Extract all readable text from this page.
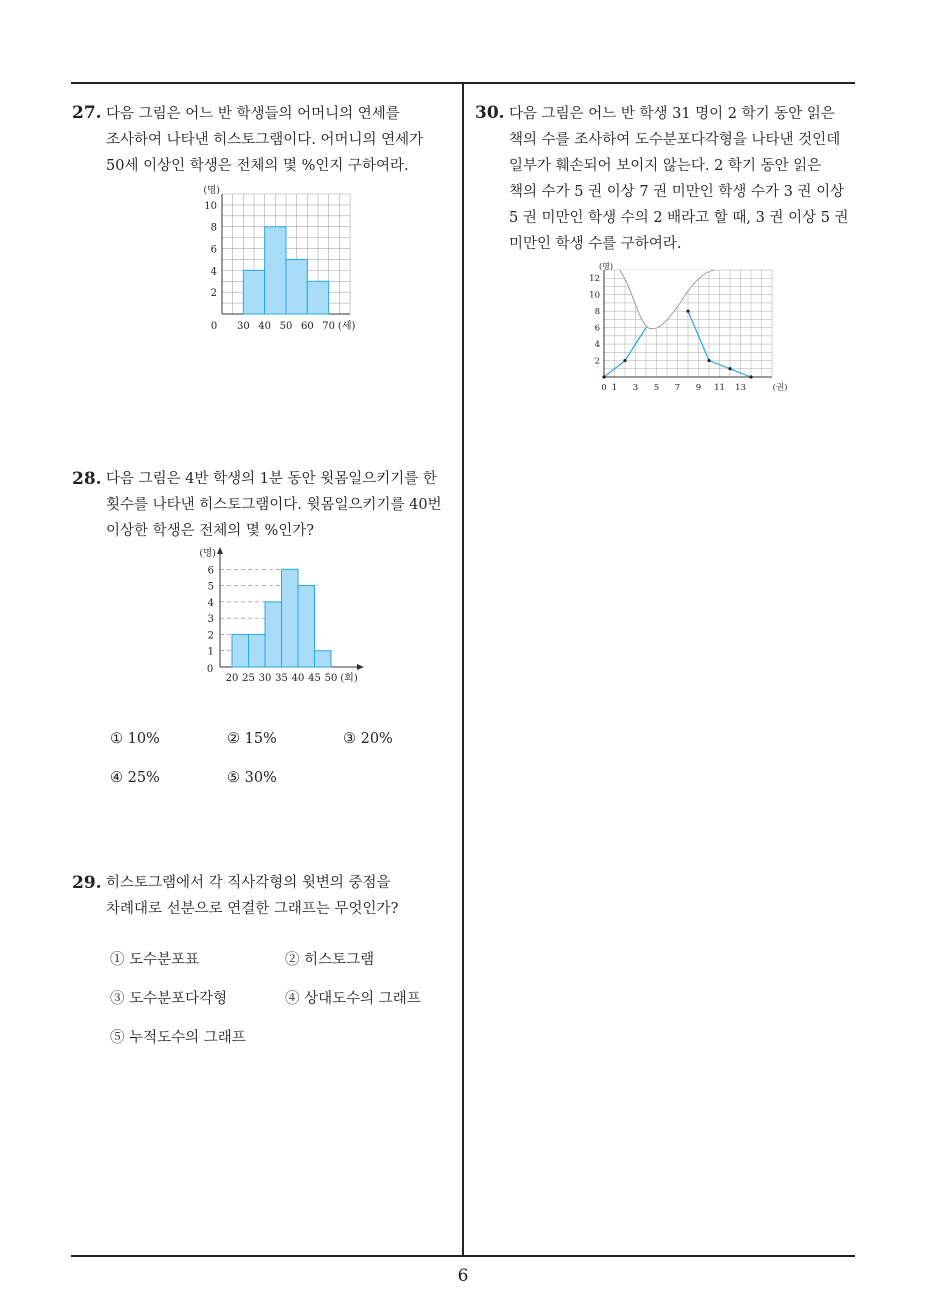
27. 다음 그림은 어느 반 학생들의 어머니의 연세를
조사하여 나타낸 히스토그램이다. 어머니의 연세가
50세 이상인 학생은 전체의 몇 %인지 구하여라.
2
4
6
8
10
30 40 50 60 70
0
(명)
(세)
28. 다음 그림은 4반 학생의 1분 동안 윗몸일으키기를 한
횟수를 나타낸 히스토그램이다. 윗몸일으키기를 40번
이상한 학생은 전체의 몇 %인가?
1
2
3
4
5
6
20 25 30 35 40 45 50
0
(명)
(회)
① 10%	② 15%	③ 20%
④ 25%	⑤ 30%
29. 히스토그램에서 각 직사각형의 윗변의 중점을
차례대로 선분으로 연결한 그래프는 무엇인가?
① 도수분포표	② 히스토그램
③ 도수분포다각형	④ 상대도수의 그래프
⑤ 누적도수의 그래프
30. 다음 그림은 어느 반 학생 31 명이 2 학기 동안 읽은
책의 수를 조사하여 도수분포다각형을 나타낸 것인데
일부가 훼손되어 보이지 않는다. 2 학기 동안 읽은
책의 수가 5 권 이상 7 권 미만인 학생 수가 3 권 이상
5 권 미만인 학생 수의 2 배라고 할 때, 3 권 이상 5 권
미만인 학생 수를 구하여라.
2
4
6
8
10
12
1 3 5 7 9 11 13
0
(명)
(권)
6
